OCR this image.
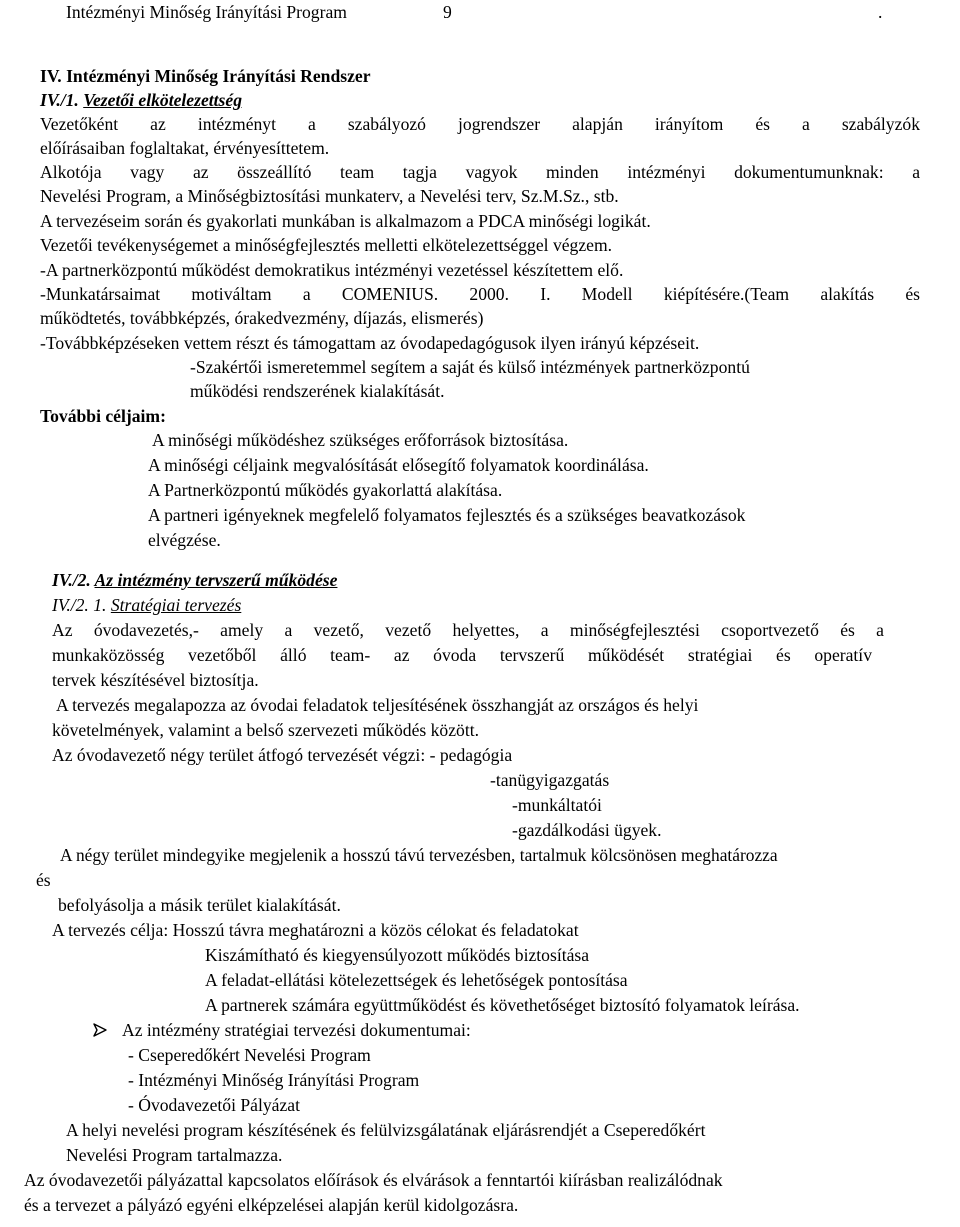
Intézményi Minőség Irányítási Program	9	.
IV. Intézményi Minőség Irányítási Rendszer
IV./1. Vezetői elkötelezettség
Vezetőként az intézményt a szabályozó jogrendszer alapján irányítom és a szabályzók
előírásaiban foglaltakat, érvényesíttetem.
Alkotója vagy az összeállító team tagja vagyok minden intézményi dokumentumunknak: a
Nevelési Program, a Minőségbiztosítási munkaterv, a Nevelési terv, Sz.M.Sz., stb.
A tervezéseim során és gyakorlati munkában is alkalmazom a PDCA minőségi logikát.
Vezetői tevékenységemet a minőségfejlesztés melletti elkötelezettséggel végzem.
-A partnerközpontú működést demokratikus intézményi vezetéssel készítettem elő.
-Munkatársaimat motiváltam a COMENIUS. 2000. I. Modell kiépítésére.(Team alakítás és
működtetés, továbbképzés, órakedvezmény, díjazás, elismerés)
-Továbbképzéseken vettem részt és támogattam az óvodapedagógusok ilyen irányú képzéseit.
-Szakértői ismeretemmel segítem a saját és külső intézmények partnerközpontú
működési rendszerének kialakítását.
További céljaim:
A minőségi működéshez szükséges erőforrások biztosítása.
A minőségi céljaink megvalósítását elősegítő folyamatok koordinálása.
A Partnerközpontú működés gyakorlattá alakítása.
A partneri igényeknek megfelelő folyamatos fejlesztés és a szükséges beavatkozások
elvégzése.
IV./2. Az intézmény tervszerű működése
IV./2. 1. Stratégiai tervezés
Az óvodavezetés,- amely a vezető, vezető helyettes, a minőségfejlesztési csoportvezető és a
munkaközösség vezetőből álló team- az óvoda tervszerű működését stratégiai és operatív
tervek készítésével biztosítja.
A tervezés megalapozza az óvodai feladatok teljesítésének összhangját az országos és helyi
követelmények, valamint a belső szervezeti működés között.
Az óvodavezető négy terület átfogó tervezését végzi: - pedagógia
-tanügyigazgatás
-munkáltatói
-gazdálkodási ügyek.
A négy terület mindegyike megjelenik a hosszú távú tervezésben, tartalmuk kölcsönösen meghatározza
és
befolyásolja a másik terület kialakítását.
A tervezés célja: Hosszú távra meghatározni a közös célokat és feladatokat
Kiszámítható és kiegyensúlyozott működés biztosítása
A feladat-ellátási kötelezettségek és lehetőségek pontosítása
A partnerek számára együttműködést és követhetőséget biztosító folyamatok leírása.
Az intézmény stratégiai tervezési dokumentumai:
- Cseperedőkért Nevelési Program
- Intézményi Minőség Irányítási Program
- Óvodavezetői Pályázat
A helyi nevelési program készítésének és felülvizsgálatának eljárásrendjét a Cseperedőkért
Nevelési Program tartalmazza.
Az óvodavezetői pályázattal kapcsolatos előírások és elvárások a fenntartói kiírásban realizálódnak
és a tervezet a pályázó egyéni elképzelései alapján kerül kidolgozásra.
